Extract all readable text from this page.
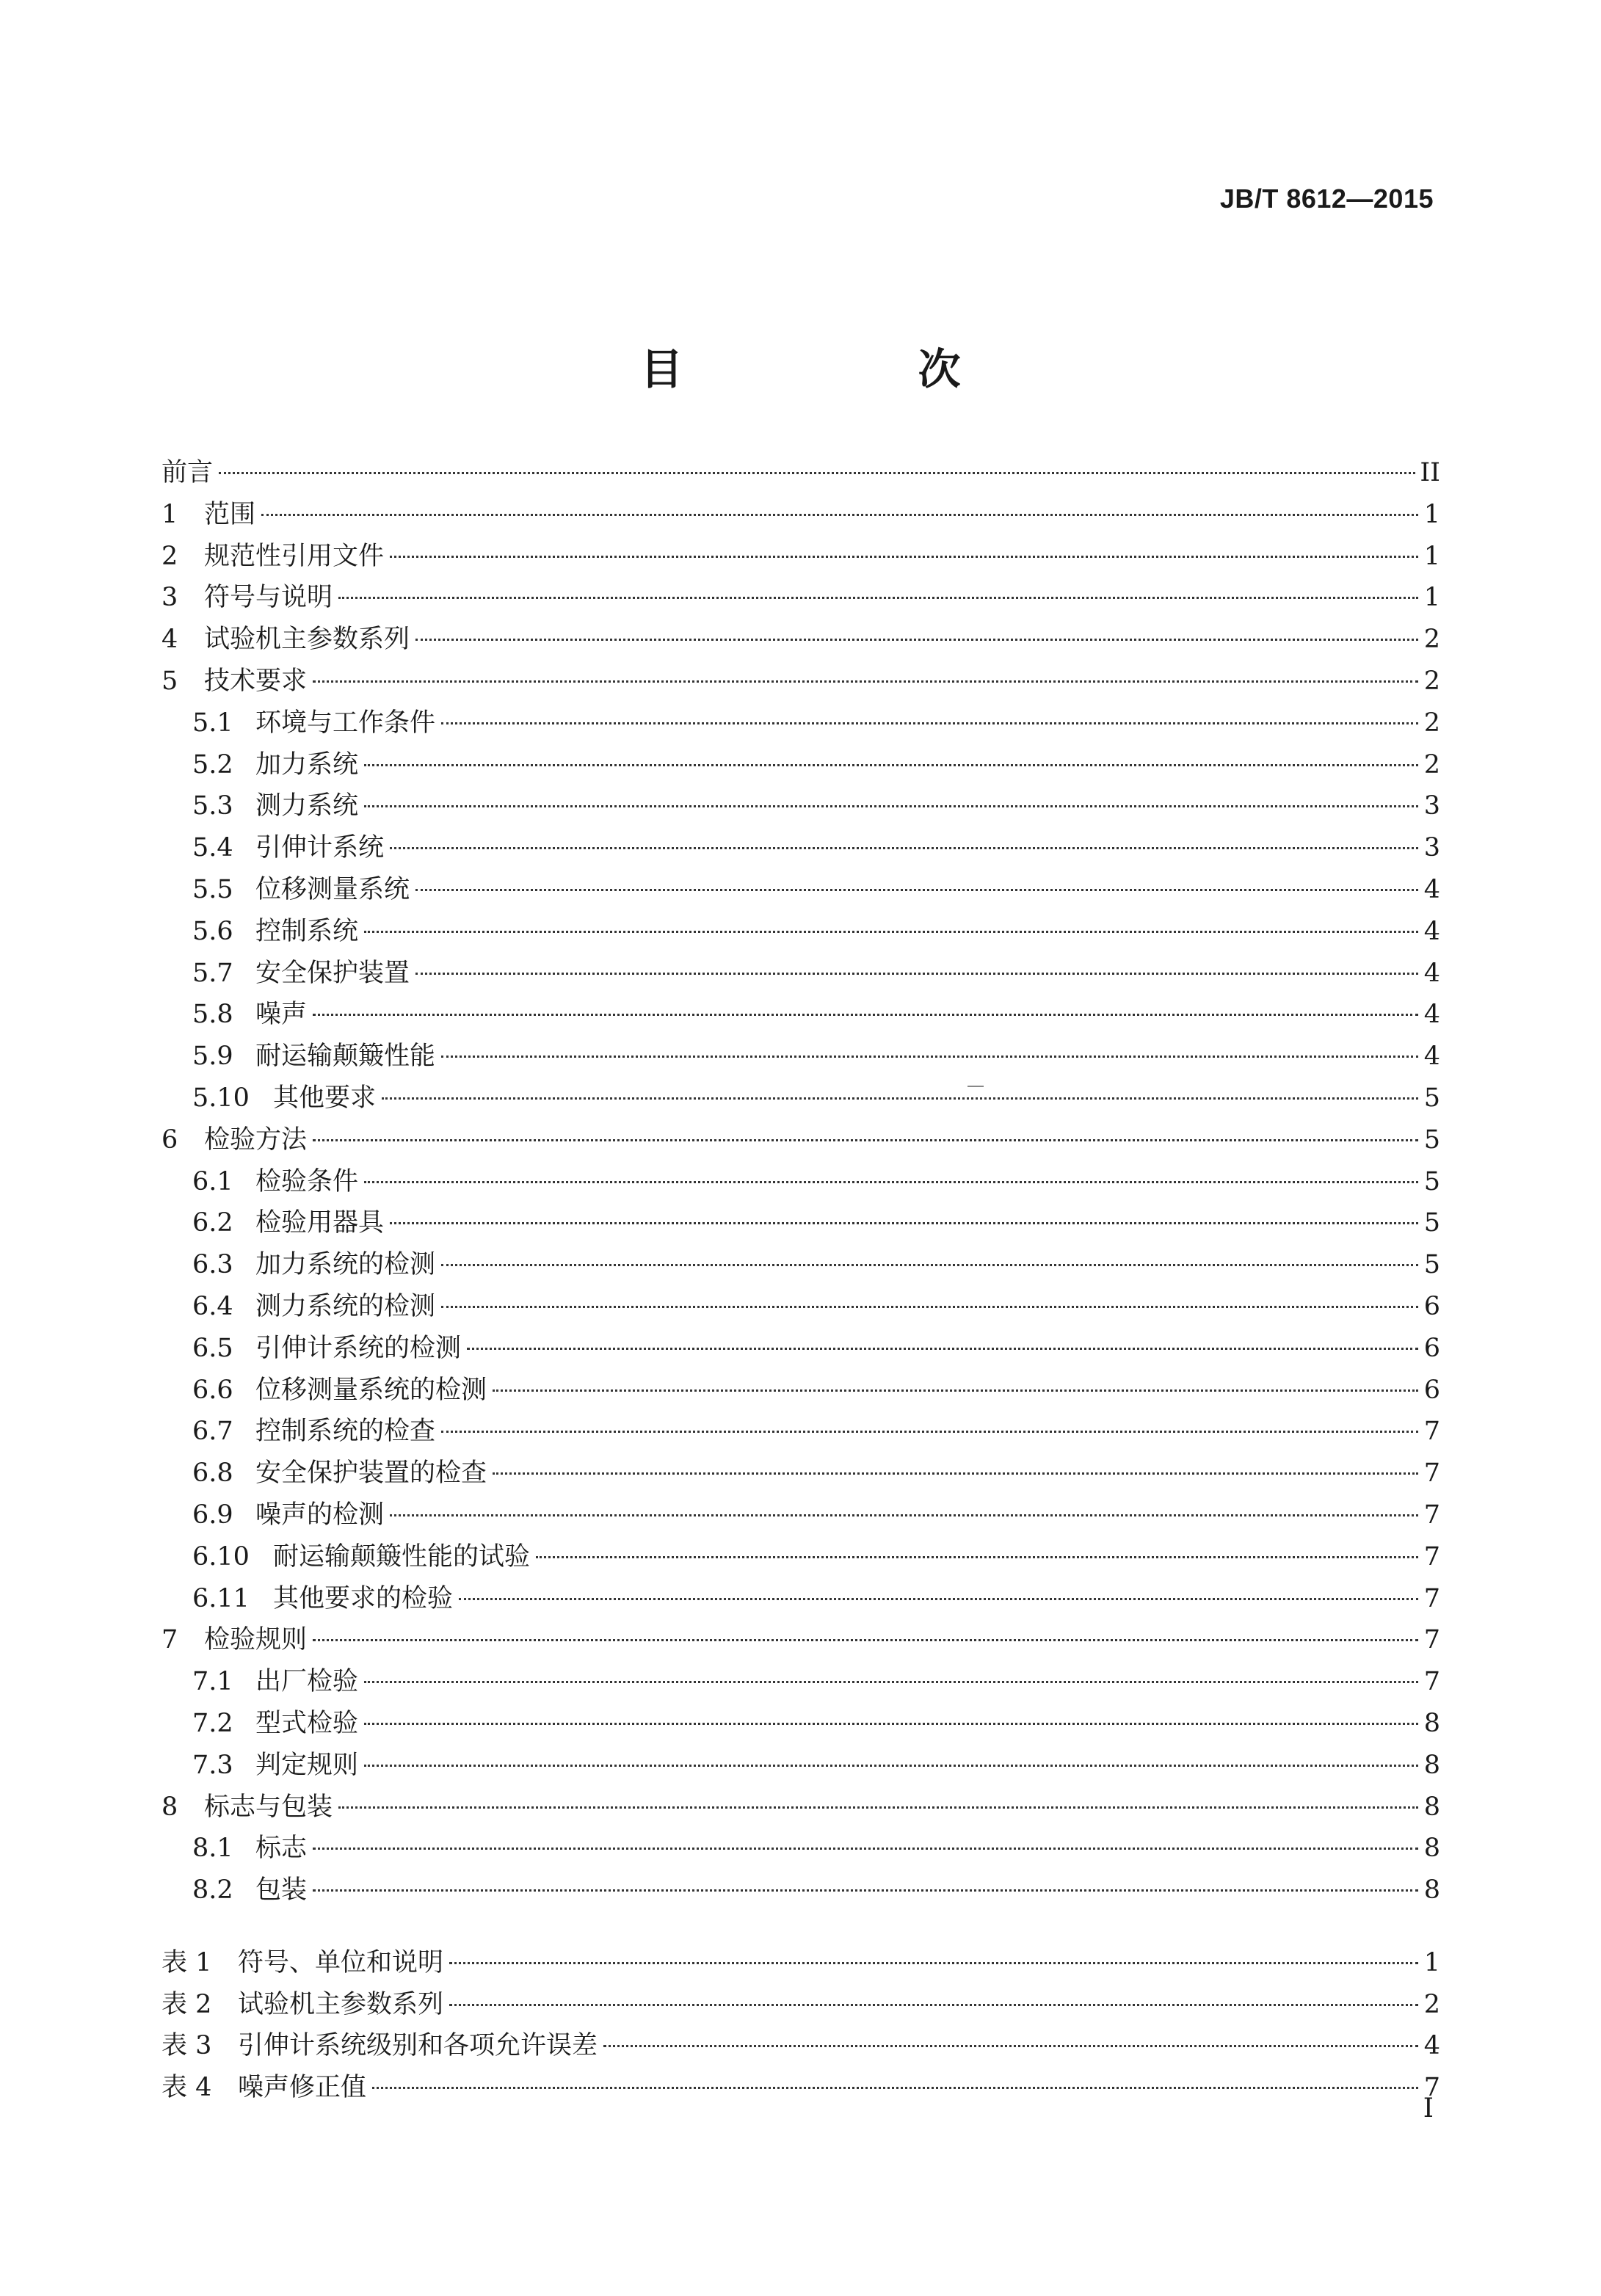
JB/T 8612—2015
目 次
前言	II
1	范围	1
2	规范性引用文件	1
3	符号与说明	1
4	试验机主参数系列	2
5	技术要求	2
5.1 环境与工作条件	2
5.2 加力系统	2
5.3 测力系统	3
5.4 引伸计系统	3
5.5 位移测量系统	4
5.6 控制系统	4
5.7 安全保护装置	4
5.8 噪声	4
5.9 耐运输颠簸性能	4
5.10 其他要求	5
6	检验方法	5
6.1 检验条件	5
6.2 检验用器具	5
6.3 加力系统的检测	5
6.4 测力系统的检测	6
6.5 引伸计系统的检测	6
6.6 位移测量系统的检测	6
6.7 控制系统的检查	7
6.8 安全保护装置的检查	7
6.9 噪声的检测	7
6.10 耐运输颠簸性能的试验	7
6.11 其他要求的检验	7
7	检验规则	7
7.1 出厂检验	7
7.2 型式检验	8
7.3 判定规则	8
8	标志与包装	8
8.1 标志	8
8.2 包装	8
表 1	符号、单位和说明	1
表 2	试验机主参数系列	2
表 3	引伸计系统级别和各项允许误差	4
表 4	噪声修正值	7
I
